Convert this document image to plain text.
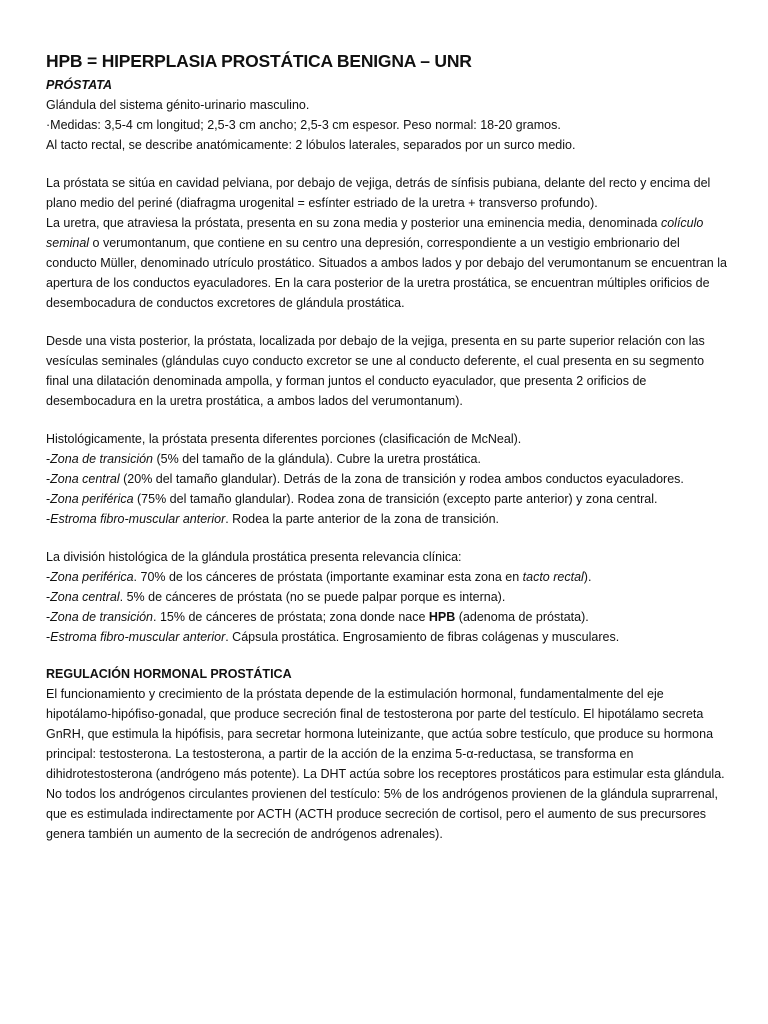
HPB = HIPERPLASIA PROSTÁTICA BENIGNA – UNR

PRÓSTATA

Glándula del sistema génito-urinario masculino.

·Medidas: 3,5-4 cm longitud; 2,5-3 cm ancho; 2,5-3 cm espesor. Peso normal: 18-20 gramos.

Al tacto rectal, se describe anatómicamente: 2 lóbulos laterales, separados por un surco medio.

La próstata se sitúa en cavidad pelviana, por debajo de vejiga, detrás de sínfisis pubiana, delante del recto y encima del plano medio del periné (diafragma urogenital = esfínter estriado de la uretra + transverso profundo).

La uretra, que atraviesa la próstata, presenta en su zona media y posterior una eminencia media, denominada colículo seminal o verumontanum, que contiene en su centro una depresión, correspondiente a un vestigio embrionario del conducto Müller, denominado utrículo prostático. Situados a ambos lados y por debajo del verumontanum se encuentran la apertura de los conductos eyaculadores. En la cara posterior de la uretra prostática, se encuentran múltiples orificios de desembocadura de conductos excretores de glándula prostática.

Desde una vista posterior, la próstata, localizada por debajo de la vejiga, presenta en su parte superior relación con las vesículas seminales (glándulas cuyo conducto excretor se une al conducto deferente, el cual presenta en su segmento final una dilatación denominada ampolla, y forman juntos el conducto eyaculador, que presenta 2 orificios de desembocadura en la uretra prostática, a ambos lados del verumontanum).

Histológicamente, la próstata presenta diferentes porciones (clasificación de McNeal).

-Zona de transición (5% del tamaño de la glándula). Cubre la uretra prostática.

-Zona central (20% del tamaño glandular). Detrás de la zona de transición y rodea ambos conductos eyaculadores.

-Zona periférica (75% del tamaño glandular). Rodea zona de transición (excepto parte anterior) y zona central.

-Estroma fibro-muscular anterior. Rodea la parte anterior de la zona de transición.

La división histológica de la glándula prostática presenta relevancia clínica:

-Zona periférica. 70% de los cánceres de próstata (importante examinar esta zona en tacto rectal).

-Zona central. 5% de cánceres de próstata (no se puede palpar porque es interna).

-Zona de transición. 15% de cánceres de próstata; zona donde nace HPB (adenoma de próstata).

-Estroma fibro-muscular anterior. Cápsula prostática. Engrosamiento de fibras colágenas y musculares.

REGULACIÓN HORMONAL PROSTÁTICA

El funcionamiento y crecimiento de la próstata depende de la estimulación hormonal, fundamentalmente del eje hipotálamo-hipófiso-gonadal, que produce secreción final de testosterona por parte del testículo. El hipotálamo secreta GnRH, que estimula la hipófisis, para secretar hormona luteinizante, que actúa sobre testículo, que produce su hormona principal: testosterona. La testosterona, a partir de la acción de la enzima 5-α-reductasa, se transforma en dihidrotestosterona (andrógeno más potente). La DHT actúa sobre los receptores prostáticos para estimular esta glándula. No todos los andrógenos circulantes provienen del testículo: 5% de los andrógenos provienen de la glándula suprarrenal, que es estimulada indirectamente por ACTH (ACTH produce secreción de cortisol, pero el aumento de sus precursores genera también un aumento de la secreción de andrógenos adrenales).
